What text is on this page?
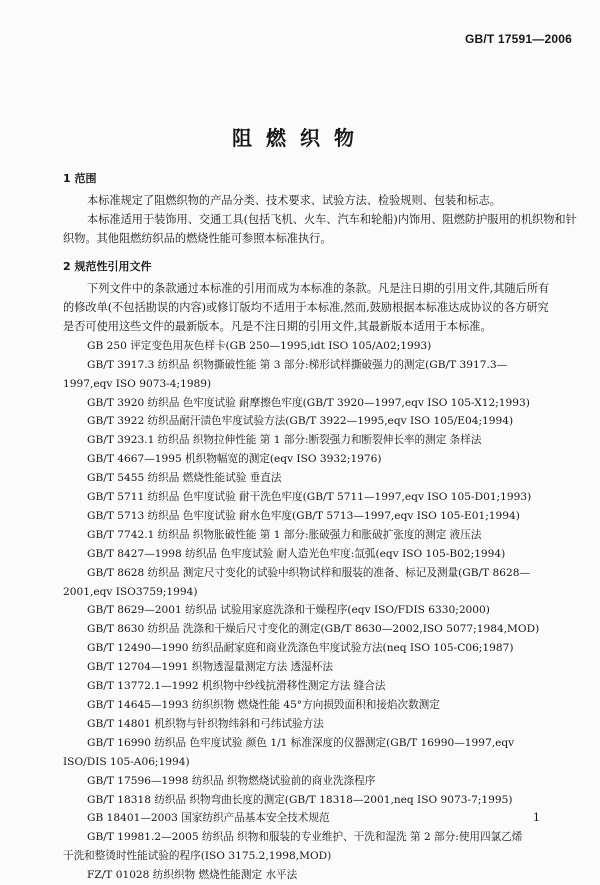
GB/T 17591—2006
阻燃织物

1 范围

本标准规定了阻燃织物的产品分类、技术要求、试验方法、检验规则、包装和标志。

本标准适用于装饰用、交通工具(包括飞机、火车、汽车和轮船)内饰用、阻燃防护服用的机织物和针

织物。其他阻燃纺织品的燃烧性能可参照本标准执行。

2 规范性引用文件

下列文件中的条款通过本标准的引用而成为本标准的条款。凡是注日期的引用文件,其随后所有

的修改单(不包括勘误的内容)或修订版均不适用于本标准,然而,鼓励根据本标准达成协议的各方研究

是否可使用这些文件的最新版本。凡是不注日期的引用文件,其最新版本适用于本标准。

GB 250 评定变色用灰色样卡(GB 250—1995,idt ISO 105/A02;1993)

GB/T 3917.3 纺织品 织物撕破性能 第 3 部分:梯形试样撕破强力的测定(GB/T 3917.3—

1997,eqv ISO 9073-4;1989)

GB/T 3920 纺织品 色牢度试验 耐摩擦色牢度(GB/T 3920—1997,eqv ISO 105-X12;1993)

GB/T 3922 纺织品耐汗渍色牢度试验方法(GB/T 3922—1995,eqv ISO 105/E04;1994)

GB/T 3923.1 纺织品 织物拉伸性能 第 1 部分:断裂强力和断裂伸长率的测定 条样法

GB/T 4667—1995 机织物幅宽的测定(eqv ISO 3932;1976)

GB/T 5455 纺织品 燃烧性能试验 垂直法

GB/T 5711 纺织品 色牢度试验 耐干洗色牢度(GB/T 5711—1997,eqv ISO 105-D01;1993)

GB/T 5713 纺织品 色牢度试验 耐水色牢度(GB/T 5713—1997,eqv ISO 105-E01;1994)

GB/T 7742.1 纺织品 织物胀破性能 第 1 部分:胀破强力和胀破扩张度的测定 液压法

GB/T 8427—1998 纺织品 色牢度试验 耐人造光色牢度:氙弧(eqv ISO 105-B02;1994)

GB/T 8628 纺织品 测定尺寸变化的试验中织物试样和服装的准备、标记及测量(GB/T 8628—

2001,eqv ISO3759;1994)

GB/T 8629—2001 纺织品 试验用家庭洗涤和干燥程序(eqv ISO/FDIS 6330;2000)

GB/T 8630 纺织品 洗涤和干燥后尺寸变化的测定(GB/T 8630—2002,ISO 5077;1984,MOD)

GB/T 12490—1990 纺织品耐家庭和商业洗涤色牢度试验方法(neq ISO 105-C06;1987)

GB/T 12704—1991 织物透湿量测定方法 透湿杯法

GB/T 13772.1—1992 机织物中纱线抗滑移性测定方法 缝合法

GB/T 14645—1993 纺织织物 燃烧性能 45°方向损毁面积和接焰次数测定

GB/T 14801 机织物与针织物纬斜和弓纬试验方法

GB/T 16990 纺织品 色牢度试验 颜色 1/1 标准深度的仪器测定(GB/T 16990—1997,eqv

ISO/DIS 105-A06;1994)

GB/T 17596—1998 纺织品 织物燃烧试验前的商业洗涤程序

GB/T 18318 纺织品 织物弯曲长度的测定(GB/T 18318—2001,neq ISO 9073-7;1995)

GB 18401—2003 国家纺织产品基本安全技术规范

GB/T 19981.2—2005 纺织品 织物和服装的专业维护、干洗和湿洗 第 2 部分:使用四氯乙烯

干洗和整烫时性能试验的程序(ISO 3175.2,1998,MOD)

FZ/T 01028 纺织织物 燃烧性能测定 水平法

1
